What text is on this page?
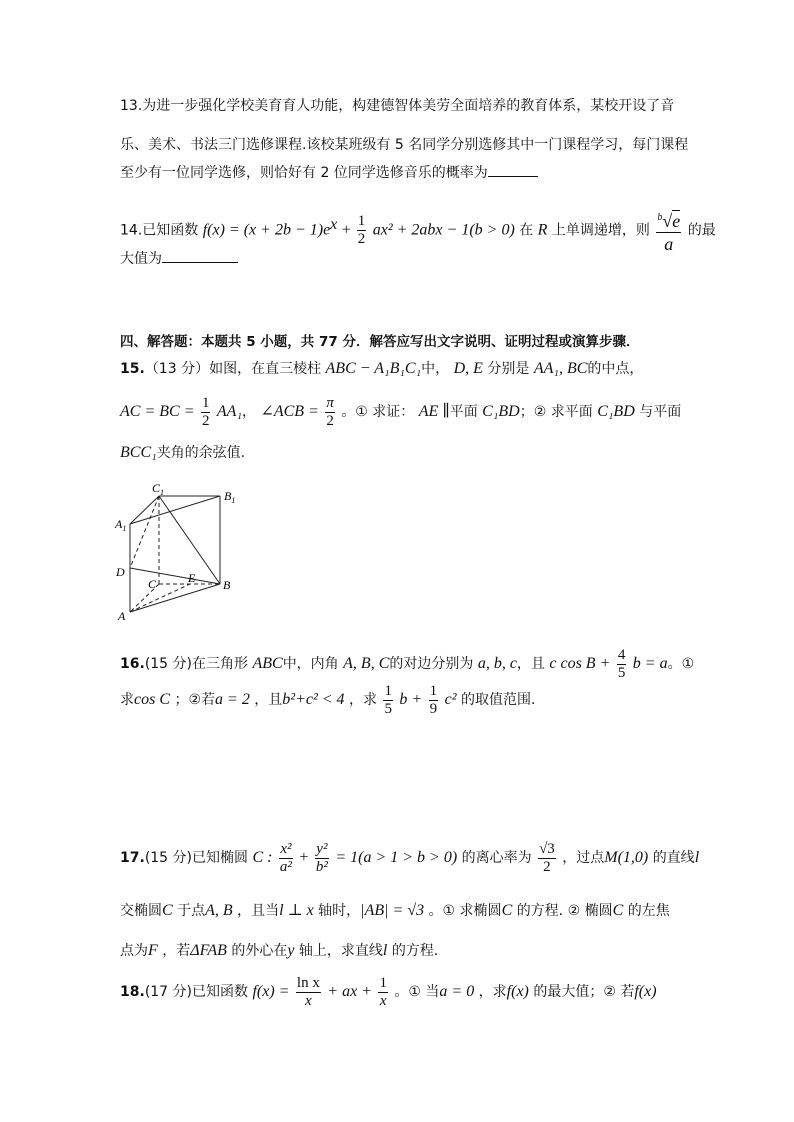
13.为进一步强化学校美育育人功能，构建德智体美劳全面培养的教育体系，某校开设了音
乐、美术、书法三门选修课程.该校某班级有 5 名同学分别选修其中一门课程学习，每门课程
至少有一位同学选修，则恰好有 2 位同学选修音乐的概率为
14.已知函数 $f(x) = (x + 2b - 1)e^x + \frac{1}{2} ax^2 + 2abx - 1(b > 0)$ 在 R 上单调递增，则 $\frac{^b√e}{a}$ 的最
大值为
四、解答题：本题共 5 小题，共 77 分．解答应写出文字说明、证明过程或演算步骤．
15.（13 分）如图，在直三棱柱 ABC − A₁B₁C₁中， D, E 分别是 AA₁, BC的中点，
AC = BC = $\frac{1}{2} AA_1$， ∠ACB = $\frac{\pi}{2}$ 。① 求证： AE ∥平面 C₁BD；② 求平面 C₁BD 与平面
BCC₁夹角的余弦值.
$C_1$	$B_1$
$A_1$
D
C	E B
A
16.(15 分)在三角形 ABC中，内角 A, B, C的对边分别为 a, b, c，且 c $\cos B + \frac{4}{5}$ b = a。①
求cos C ；②若a = 2 ，且b²+c² < 4 ，求 $\frac{1}{5}$ $b + \frac{1}{9} c^2$ 的取值范围.
17.(15 分)已知椭圆 C : $\frac{\text{x²}}{\text{a²}} + \frac{\text{y²}}{\text{b²}} = 1(a > 1 > b > 0)$ 的离心率为 $\frac{√3}{2}$ ，过点M(1,0) 的直线l
交椭圆C 于点A, B ，且当l ⊥ x 轴时，|AB| = √3 。① 求椭圆C 的方程. ② 椭圆C 的左焦
点为F ，若ΔFAB 的外心在y 轴上，求直线l 的方程.
18.(17 分)已知函数 $f(x) = \frac{\text{ln x}}{x}$ + ax + $\frac{1}{x}$ 。① 当a = 0 ，求f(x) 的最大值；② 若f(x)
